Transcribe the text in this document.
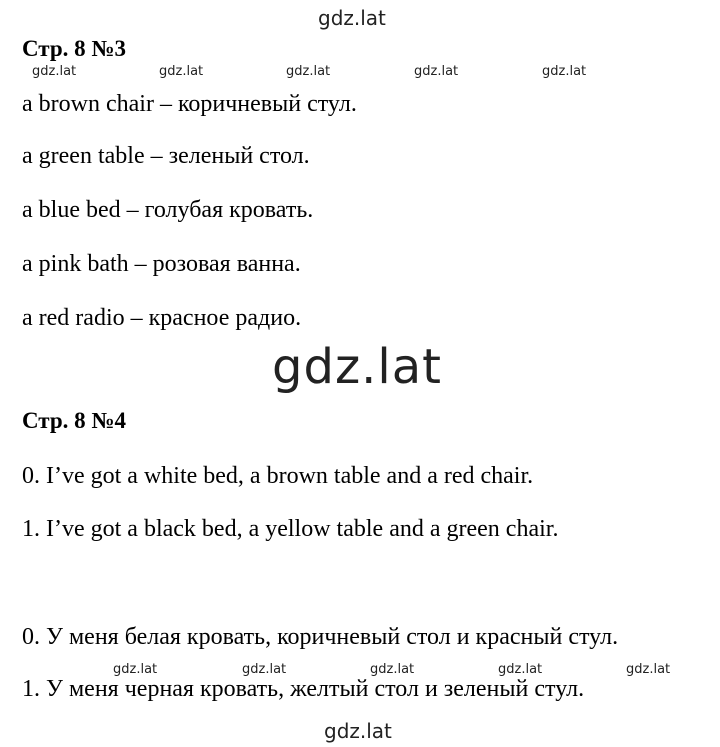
gdz.lat
Стр. 8 №3
gdz.lat	gdz.lat	gdz.lat	gdz.lat	gdz.lat
a brown chair – коричневый стул.
a green table – зеленый стол.
a blue bed – голубая кровать.
a pink bath – розовая ванна.
a red radio – красное радио.
gdz.lat
Стр. 8 №4
0. I’ve got a white bed, a brown table and a red chair.
1. I’ve got a black bed, a yellow table and a green chair.
0. У меня белая кровать, коричневый стол и красный стул.
gdz.lat	gdz.lat	gdz.lat	gdz.lat	gdz.lat
1. У меня черная кровать, желтый стол и зеленый стул.
gdz.lat
